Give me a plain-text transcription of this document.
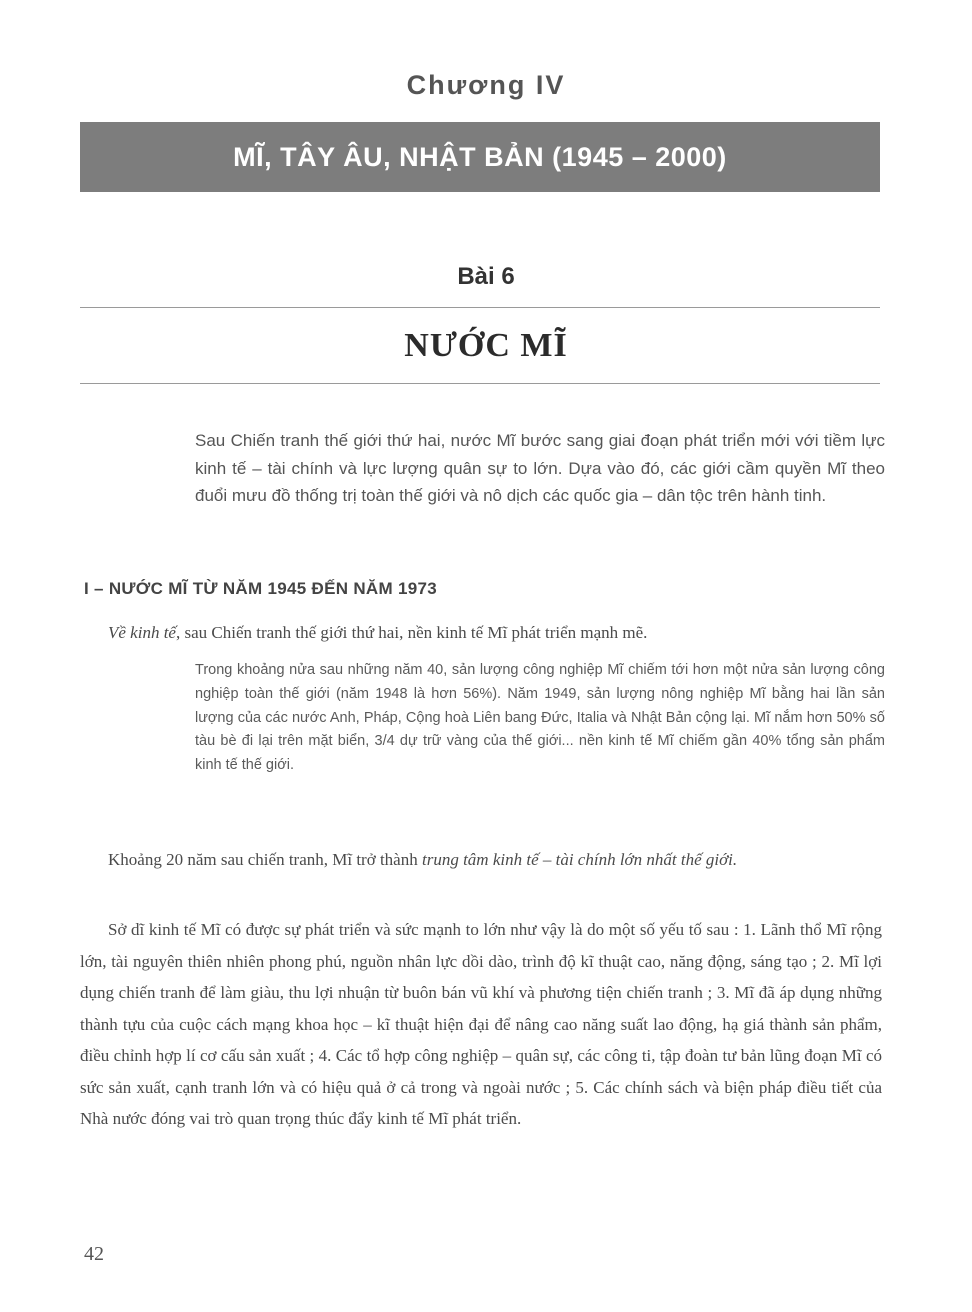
Chương IV
MĨ, TÂY ÂU, NHẬT BẢN (1945 – 2000)
Bài 6
NƯỚC MĨ

Sau Chiến tranh thế giới thứ hai, nước Mĩ bước sang giai đoạn phát triển mới với tiềm lực kinh tế – tài chính và lực lượng quân sự to lớn. Dựa vào đó, các giới cầm quyền Mĩ theo đuổi mưu đồ thống trị toàn thế giới và nô dịch các quốc gia – dân tộc trên hành tinh.

I – NƯỚC MĨ TỪ NĂM 1945 ĐẾN NĂM 1973

Về kinh tế, sau Chiến tranh thế giới thứ hai, nền kinh tế Mĩ phát triển mạnh mẽ.

Trong khoảng nửa sau những năm 40, sản lượng công nghiệp Mĩ chiếm tới hơn một nửa sản lượng công nghiệp toàn thế giới (năm 1948 là hơn 56%). Năm 1949, sản lượng nông nghiệp Mĩ bằng hai lần sản lượng của các nước Anh, Pháp, Cộng hoà Liên bang Đức, Italia và Nhật Bản cộng lại. Mĩ nắm hơn 50% số tàu bè đi lại trên mặt biển, 3/4 dự trữ vàng của thế giới... nền kinh tế Mĩ chiếm gần 40% tổng sản phẩm kinh tế thế giới.

Khoảng 20 năm sau chiến tranh, Mĩ trở thành trung tâm kinh tế – tài chính lớn nhất thế giới.

Sở dĩ kinh tế Mĩ có được sự phát triển và sức mạnh to lớn như vậy là do một số yếu tố sau : 1. Lãnh thổ Mĩ rộng lớn, tài nguyên thiên nhiên phong phú, nguồn nhân lực dồi dào, trình độ kĩ thuật cao, năng động, sáng tạo ; 2. Mĩ lợi dụng chiến tranh để làm giàu, thu lợi nhuận từ buôn bán vũ khí và phương tiện chiến tranh ; 3. Mĩ đã áp dụng những thành tựu của cuộc cách mạng khoa học – kĩ thuật hiện đại để nâng cao năng suất lao động, hạ giá thành sản phẩm, điều chỉnh hợp lí cơ cấu sản xuất ; 4. Các tổ hợp công nghiệp – quân sự, các công ti, tập đoàn tư bản lũng đoạn Mĩ có sức sản xuất, cạnh tranh lớn và có hiệu quả ở cả trong và ngoài nước ; 5. Các chính sách và biện pháp điều tiết của Nhà nước đóng vai trò quan trọng thúc đẩy kinh tế Mĩ phát triển.

42
